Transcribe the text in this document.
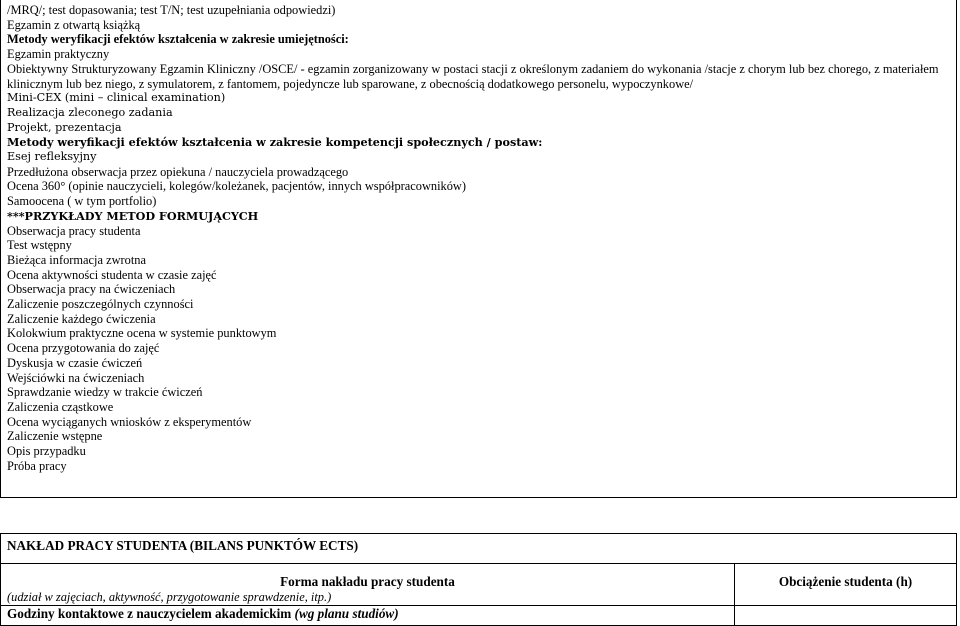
/MRQ/; test dopasowania; test T/N; test uzupełniania odpowiedzi)
Egzamin z otwartą książką
Metody weryfikacji efektów kształcenia w zakresie umiejętności:
Egzamin praktyczny
Obiektywny Strukturyzowany Egzamin Kliniczny /OSCE/ - egzamin zorganizowany w postaci stacji z określonym zadaniem do wykonania /stacje z chorym lub bez chorego, z materiałem klinicznym lub bez niego, z symulatorem, z fantomem, pojedyncze lub sparowane, z obecnością dodatkowego personelu, wypoczynkowe/
Mini-CEX (mini – clinical examination)
Realizacja zleconego zadania
Projekt, prezentacja
Metody weryfikacji efektów kształcenia w zakresie kompetencji społecznych / postaw:
Esej refleksyjny
Przedłużona obserwacja przez opiekuna / nauczyciela prowadzącego
Ocena 360° (opinie nauczycieli, kolegów/koleżanek, pacjentów, innych współpracowników)
Samoocena ( w tym portfolio)
***PRZYKŁADY METOD FORMUJĄCYCH
Obserwacja pracy studenta
Test wstępny
Bieżąca informacja zwrotna
Ocena aktywności studenta w czasie zajęć
Obserwacja pracy na ćwiczeniach
Zaliczenie poszczególnych czynności
Zaliczenie każdego ćwiczenia
Kolokwium praktyczne ocena w systemie punktowym
Ocena przygotowania do zajęć
Dyskusja w czasie ćwiczeń
Wejściówki na ćwiczeniach
Sprawdzanie wiedzy w trakcie ćwiczeń
Zaliczenia cząstkowe
Ocena wyciąganych wniosków z eksperymentów
Zaliczenie wstępne
Opis przypadku
Próba pracy
NAKŁAD PRACY STUDENTA (BILANS PUNKTÓW ECTS)	

Forma nakładu pracy studenta
(udział w zajęciach, aktywność, przygotowanie sprawdzenie, itp.)	Obciążenie studenta (h)
Godziny kontaktowe z nauczycielem akademickim (wg planu studiów)	
